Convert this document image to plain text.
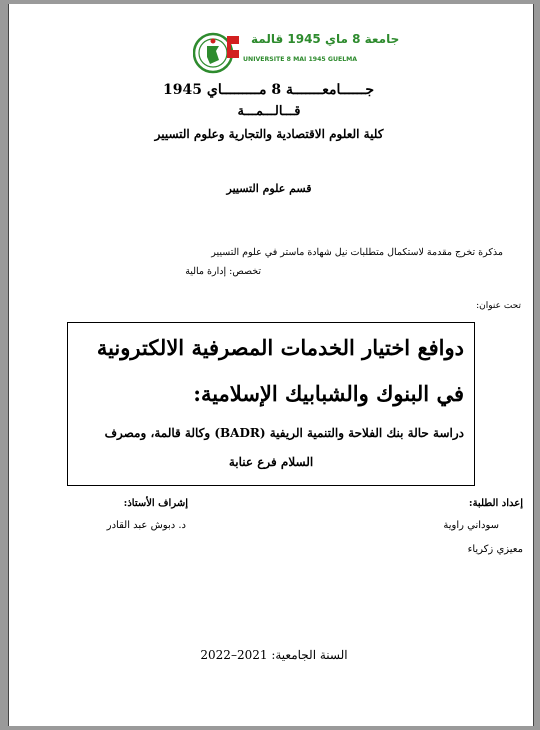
جامعة 8 ماي 1945 قالمة
UNIVERSITE 8 MAI 1945 GUELMA
جــــــامعـــــــة 8 مـــــــــاي 1945
قـــالـــمـــة
كلية العلوم الاقتصادية والتجارية وعلوم التسيير
قسم علوم التسيير
مذكرة تخرج مقدمة لاستكمال متطلبات نيل شهادة ماستر في علوم التسيير
تخصص: إدارة مالية
تحت عنوان:
دوافع اختيار الخدمات المصرفية الالكترونية
في البنوك والشبابيك الإسلامية:
دراسة حالة بنك الفلاحة والتنمية الريفية (BADR) وكالة قالمة، ومصرف
السلام فرع عنابة
إعداد الطلبة:
إشراف الأستاذ:
سوداني راوية
معيزي زكرياء
د. دبوش عبد القادر
السنة الجامعية: 2021–2022
